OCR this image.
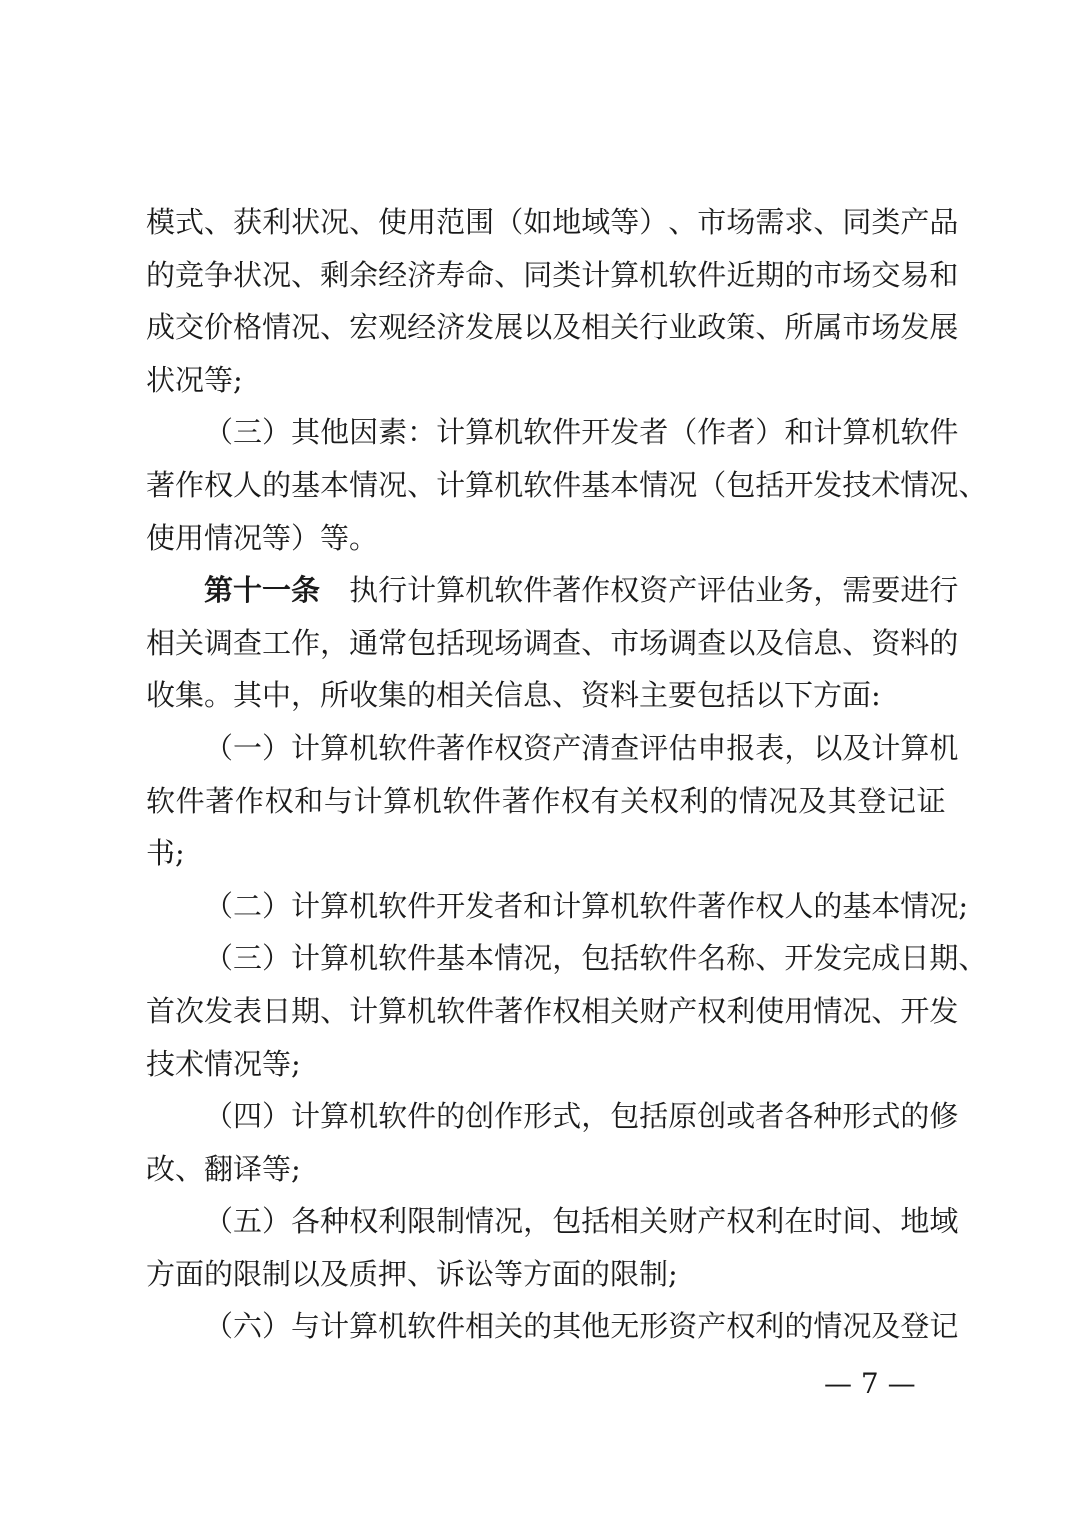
模 式 、 获 利 状 况 、 使 用 范 围 （ 如 地 域 等 ） 、 市 场 需 求 、 同 类 产 品
的 竞 争 状 况 、 剩 余 经 济 寿 命 、 同 类 计 算 机 软 件 近 期 的 市 场 交 易 和
成 交 价 格 情 况 、 宏 观 经 济 发 展 以 及 相 关 行 业 政 策 、 所 属 市 场 发 展
状况等;
（ 三 ） 其 他 因 素 ： 计 算 机 软 件 开 发 者 （ 作 者 ） 和 计 算 机 软 件
著 作 权 人 的 基 本 情 况 、 计 算 机 软 件 基 本 情 况 （ 包 括 开 发 技 术 情 况 、
使用情况等）等。
第 十 一 条
　 执 行 计 算 机 软 件 著 作 权 资 产 评 估 业 务 ， 需 要 进 行
相 关 调 查 工 作 ， 通 常 包 括 现 场 调 查 、 市 场 调 查 以 及 信 息 、 资 料 的
收集。其中，所收集的相关信息、资料主要包括以下方面:
（ 一 ） 计 算 机 软 件 著 作 权 资 产 清 查 评 估 申 报 表 ， 以 及 计 算 机
软 件 著 作 权 和 与 计 算 机 软 件 著 作 权 有 关 权 利 的 情 况 及 其 登 记 证
书;
（ 二 ） 计 算 机 软 件 开 发 者 和 计 算 机 软 件 著 作 权 人 的 基 本 情 况 ;
（ 三 ） 计 算 机 软 件 基 本 情 况 ， 包 括 软 件 名 称 、 开 发 完 成 日 期 、
首 次 发 表 日 期 、 计 算 机 软 件 著 作 权 相 关 财 产 权 利 使 用 情 况 、 开 发
技术情况等;
（ 四 ） 计 算 机 软 件 的 创 作 形 式 ， 包 括 原 创 或 者 各 种 形 式 的 修
改、翻译等;
（ 五 ） 各 种 权 利 限 制 情 况 ， 包 括 相 关 财 产 权 利 在 时 间 、 地 域
方面的限制以及质押、诉讼等方面的限制;
（ 六 ） 与 计 算 机 软 件 相 关 的 其 他 无 形 资 产 权 利 的 情 况 及 登 记
— 7 —
